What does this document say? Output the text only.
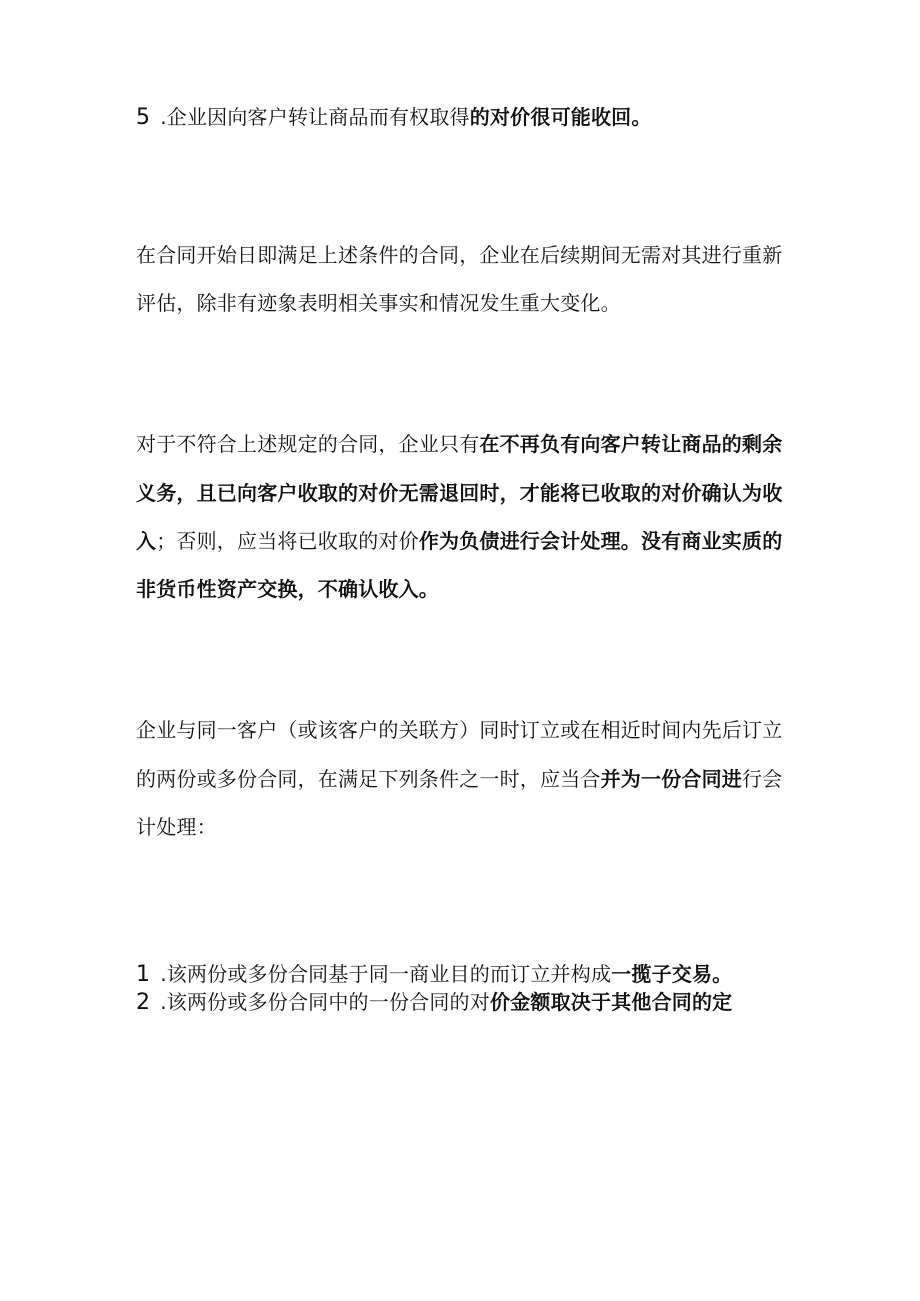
5 .企业因向客户转让商品而有权取得的对价很可能收回。
在合同开始日即满足上述条件的合同，企业在后续期间无需对其进行重新
评估，除非有迹象表明相关事实和情况发生重大变化。
对于不符合上述规定的合同，企业只有在不再负有向客户转让商品的剩余
义务，且已向客户收取的对价无需退回时，才能将已收取的对价确认为收
入；否则，应当将已收取的对价作为负债进行会计处理。没有商业实质的
非货币性资产交换，不确认收入。
企业与同一客户（或该客户的关联方）同时订立或在相近时间内先后订立
的两份或多份合同，在满足下列条件之一时，应当合并为一份合同进行会
计处理：
1 .该两份或多份合同基于同一商业目的而订立并构成一揽子交易。
2 .该两份或多份合同中的一份合同的对价金额取决于其他合同的定
